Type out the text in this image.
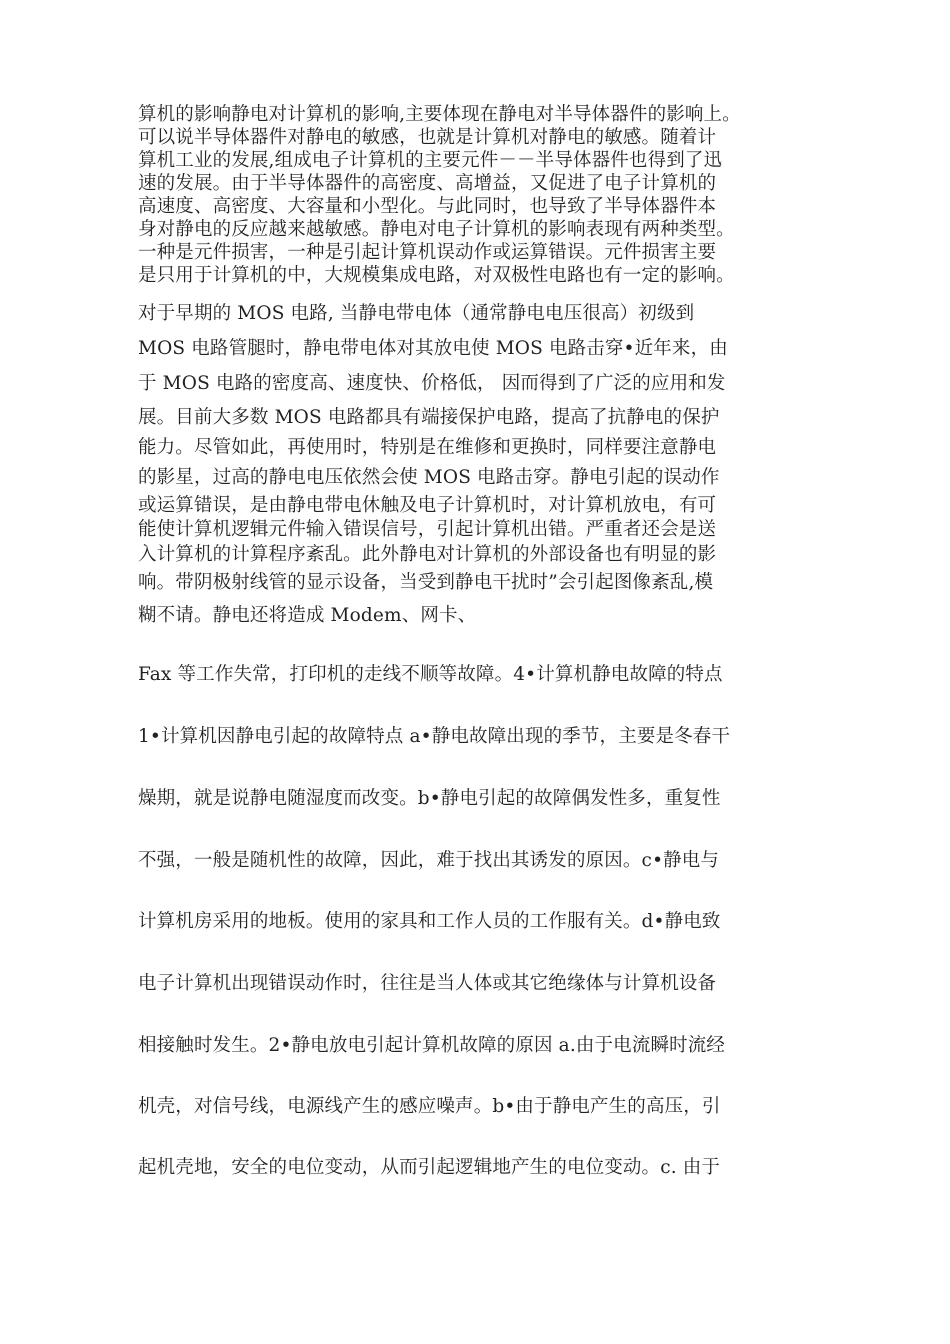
算机的影响静电对计算机的影响,主要体现在静电对半导体器件的影响上。
可以说半导体器件对静电的敏感，也就是计算机对静电的敏感。随着计
算机工业的发展,组成电子计算机的主要元件－－半导体器件也得到了迅
速的发展。由于半导体器件的高密度、高增益，又促进了电子计算机的
高速度、高密度、大容量和小型化。与此同时，也导致了半导体器件本
身对静电的反应越来越敏感。静电对电子计算机的影响表现有两种类型。
一种是元件损害，一种是引起计算机误动作或运算错误。元件损害主要
是只用于计算机的中，大规模集成电路，对双极性电路也有一定的影响。
对于早期的 MOS 电路, 当静电带电体（通常静电电压很高）初级到
MOS 电路管腿时，静电带电体对其放电使 MOS 电路击穿•近年来，由
于 MOS 电路的密度高、速度快、价格低， 因而得到了广泛的应用和发
展。目前大多数 MOS 电路都具有端接保护电路，提高了抗静电的保护
能力。尽管如此，再使用时，特别是在维修和更换时，同样要注意静电
的影星，过高的静电电压依然会使 MOS 电路击穿。静电引起的误动作
或运算错误，是由静电带电休触及电子计算机时，对计算机放电，有可
能使计算机逻辑元件输入错误信号，引起计算机出错。严重者还会是送
入计算机的计算程序紊乱。此外静电对计算机的外部设备也有明显的影
响。带阴极射线管的显示设备，当受到静电干扰时”会引起图像紊乱,模
糊不请。静电还将造成 Modem、网卡、
Fax 等工作失常，打印机的走线不顺等故障。4•计算机静电故障的特点
1•计算机因静电引起的故障特点 a•静电故障出现的季节，主要是冬春干
燥期，就是说静电随湿度而改变。b•静电引起的故障偶发性多，重复性
不强，一般是随机性的故障，因此，难于找出其诱发的原因。c•静电与
计算机房采用的地板。使用的家具和工作人员的工作服有关。d•静电致
电子计算机出现错误动作时，往往是当人体或其它绝缘体与计算机设备
相接触时发生。2•静电放电引起计算机故障的原因 a.由于电流瞬时流经
机壳，对信号线，电源线产生的感应噪声。b•由于静电产生的高压，引
起机壳地，安全的电位变动，从而引起逻辑地产生的电位变动。c. 由于
